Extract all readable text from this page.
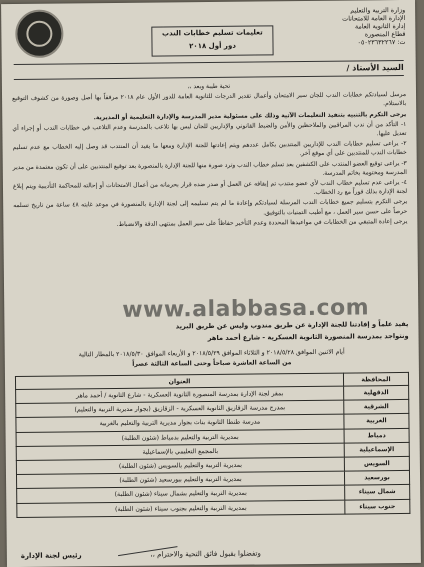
وزارة التربية والتعليم
الإدارة العامة للامتحانات
إدارة الثانوية العامة
قطاع المنصورة
ت: ٠٥٠٢٣٦٣٢٢٦٧
تعليمات تسليم خطابات الندب
دور أول ٢٠١٨
السيد الأستاذ /

تحية طيبة وبعد ،،

مرسل لسيادتكم خطابات الندب للجان سير الامتحان وأعمال تقدير الدرجات للثانوية العامة للدور الأول عام ٢٠١٨ مرفقاً بها أصل وصورة من كشوف التوقيع بالاستلام.

يرجى التكرم بالتنبيه بتنفيذ التعليمات الآتية وذلك على مسئولية مدير المدرسة والإدارة التعليمية أو المديرية.

١- التأكد من أن ندب المراقبين والملاحظين والأمن والضبط القانوني والإداريين للجان ليس بها تلاعب بالمدرسة وعدم التلاعب في خطابات الندب أو إجراء أي تعديل عليها.

٢- يراعى تسليم خطابات الندب للإداريين المنتدبين بكامل عددهم ويتم إعادتها للجنة الإدارة ومعها ما يفيد أن المنتدب قد وصل إليه الخطاب مع عدم تسليم خطابات الندب للمنتدبين على أي موقع آخر.

٣- يراعى توقيع العضو المنتدب على الكشفين بعد تسلم خطاب الندب وترد صورة منها للجنة الإدارة بالمنصورة بعد توقيع المنتدبين على أن تكون معتمدة من مدير المدرسة ومختومة بخاتم المدرسة.

٤- يراعى عدم تسليم خطاب الندب لأي عضو منتدب تم إيقافه عن العمل أو صدر ضده قرار بحرمانه من أعمال الامتحانات أو إحالته للمحاكمة التأديبية ويتم إبلاغ لجنة الإدارة بذلك فوراً مع رد الخطاب.

يرجى التكرم بتسليم جميع خطابات الندب المرسلة لسيادتكم وإعادة ما لم يتم تسليمه إلى لجنة الإدارة بالمنصورة في موعد غايته ٤٨ ساعة من تاريخ تسلمه حرصاً على حسن سير العمل ، مع أطيب التمنيات بالتوفيق.

يرجى إعادة المتبقي من الخطابات في مواعيدها المحددة وعدم التأخير حفاظاً على سير العمل بمنتهى الدقة والانضباط.

www.alabbasa.com
يفيد علماً و إفادتنا للجنة الإدارة عن طريق مندوب وليس عن طريق البريد
ونتواجد بمدرسة المنصورة الثانوية العسكرية - شارع أحمد ماهر
أيام الاثنين الموافق ٢٠١٨/٥/٢٨ و الثلاثاء الموافق ٢٠١٨/٥/٢٩ و الأربعاء الموافق ٢٠١٨/٥/٣٠ بالمطار التالية
من الساعة العاشرة صباحاً وحتى الساعة الثالثة عصراً
المحافظة	العنوان
الدقهلية	بمقر لجنة الإدارة بمدرسة المنصورة الثانوية العسكرية - شارع الثانوية / أحمد ماهر
الشرقية	بمدرج مدرسة الزقازيق الثانوية العسكرية - الزقازيق (بجوار مديرية التربية والتعليم)
الغربية	مدرسة طنطا الثانوية بنات بجوار مديرية التربية والتعليم بالغربية
دمياط	بمديرية التربية والتعليم بدمياط (شئون الطلبة)
الإسماعيلية	بالمجمع التعليمي بالإسماعيلية
السويس	بمديرية التربية والتعليم بالسويس (شئون الطلبة)
بورسعيد	بمديرية التربية والتعليم ببورسعيد (شئون الطلبة)
شمال سيناء	بمديرية التربية والتعليم بشمال سيناء (شئون الطلبة)
جنوب سيناء	بمديرية التربية والتعليم بجنوب سيناء (شئون الطلبة)
وتفضلوا بقبول فائق التحية والاحترام ،،
رئيس لجنة الإدارة
